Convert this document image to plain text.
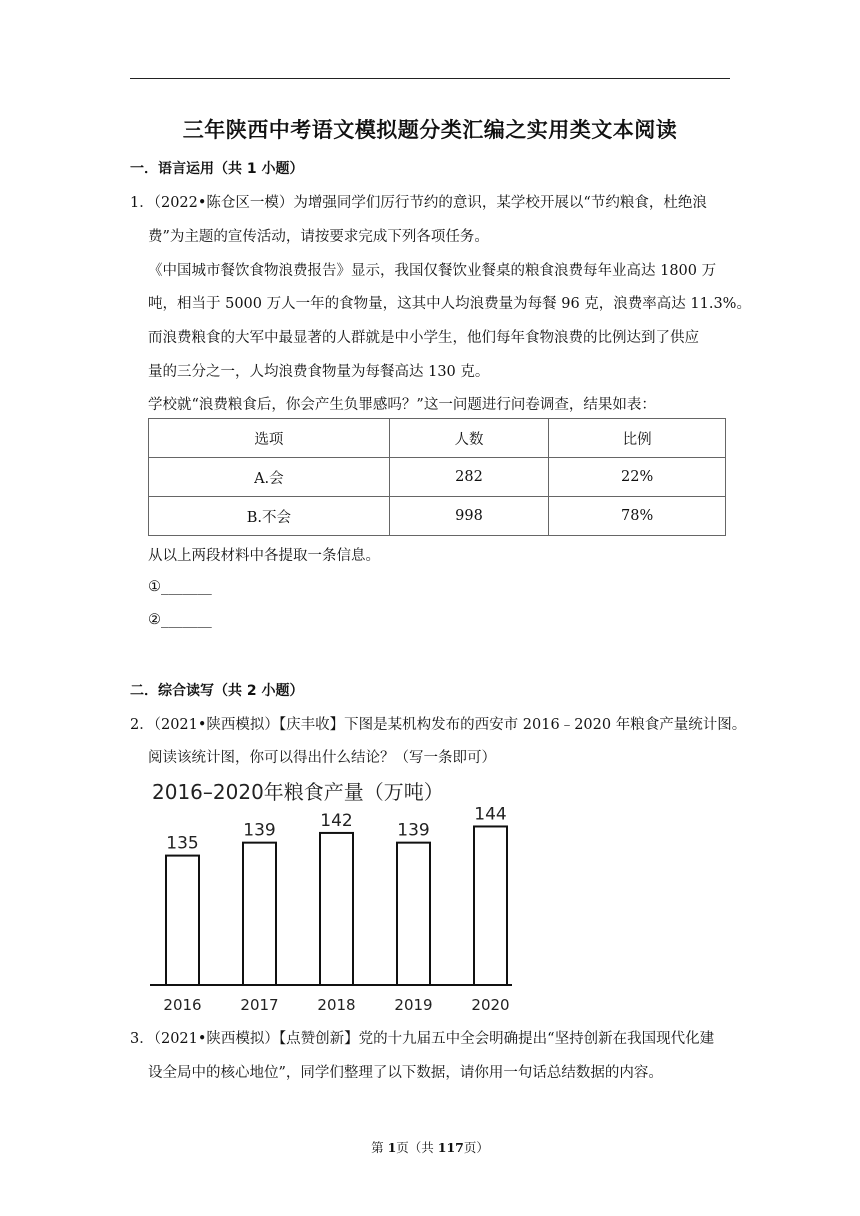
三年陕西中考语文模拟题分类汇编之实用类文本阅读
一．语言运用（共 1 小题）
1．（2022•陈仓区一模）为增强同学们厉行节约的意识，某学校开展以“节约粮食，杜绝浪
费”为主题的宣传活动，请按要求完成下列各项任务。
《中国城市餐饮食物浪费报告》显示，我国仅餐饮业餐桌的粮食浪费每年业高达 1800 万
吨，相当于 5000 万人一年的食物量，这其中人均浪费量为每餐 96 克，浪费率高达 11.3%。
而浪费粮食的大军中最显著的人群就是中小学生，他们每年食物浪费的比例达到了供应
量的三分之一，人均浪费食物量为每餐高达 130 克。
学校就“浪费粮食后，你会产生负罪感吗？”这一问题进行问卷调查，结果如表：
选项	人数	比例
A.会	282	22%
B.不会	998	78%
从以上两段材料中各提取一条信息。
①_______
②_______
二．综合读写（共 2 小题）
2．（2021•陕西模拟）【庆丰收】下图是某机构发布的西安市 2016﹣2020 年粮食产量统计图。
阅读该统计图，你可以得出什么结论？（写一条即可）
2016–2020年粮食产量（万吨）
135
2016
139
2017
142
2018
139
2019
144
2020
3．（2021•陕西模拟）【点赞创新】党的十九届五中全会明确提出“坚持创新在我国现代化建
设全局中的核心地位”，同学们整理了以下数据，请你用一句话总结数据的内容。
第 1页（共 117页）
